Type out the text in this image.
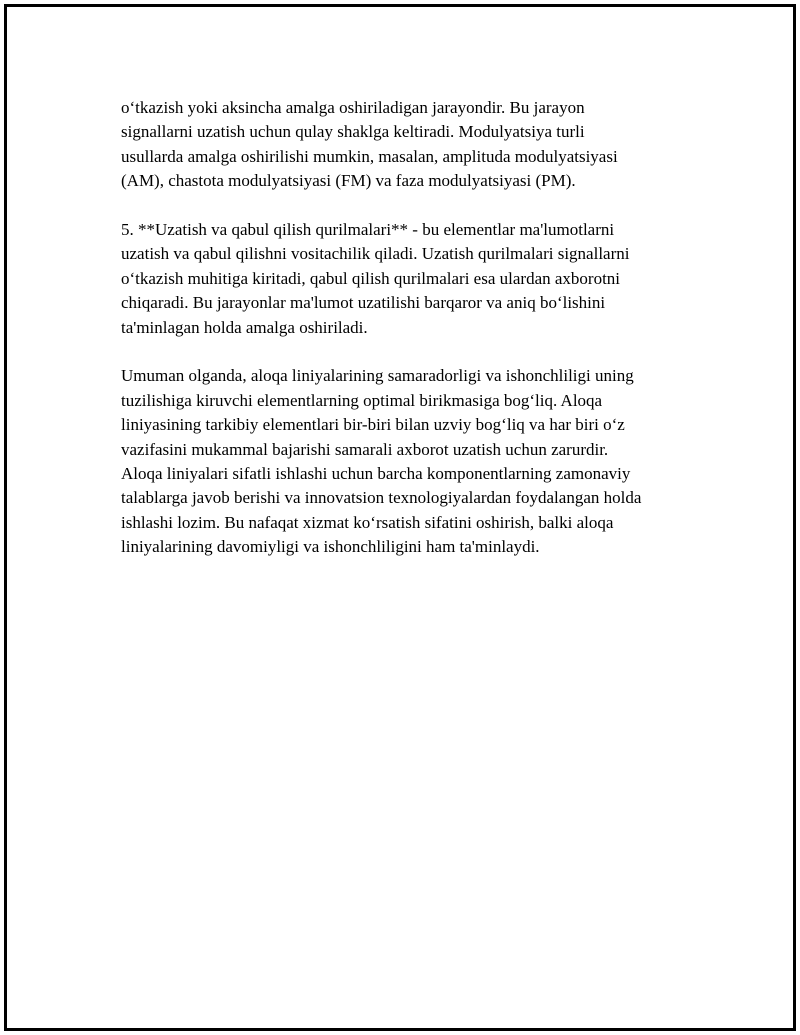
o‘tkazish yoki aksincha amalga oshiriladigan jarayondir. Bu jarayon
signallarni uzatish uchun qulay shaklga keltiradi. Modulyatsiya turli
usullarda amalga oshirilishi mumkin, masalan, amplituda modulyatsiyasi
(AM), chastota modulyatsiyasi (FM) va faza modulyatsiyasi (PM).

5. **Uzatish va qabul qilish qurilmalari** - bu elementlar ma'lumotlarni
uzatish va qabul qilishni vositachilik qiladi. Uzatish qurilmalari signallarni
o‘tkazish muhitiga kiritadi, qabul qilish qurilmalari esa ulardan axborotni
chiqaradi. Bu jarayonlar ma'lumot uzatilishi barqaror va aniq bo‘lishini
ta'minlagan holda amalga oshiriladi.

Umuman olganda, aloqa liniyalarining samaradorligi va ishonchliligi uning
tuzilishiga kiruvchi elementlarning optimal birikmasiga bog‘liq. Aloqa
liniyasining tarkibiy elementlari bir-biri bilan uzviy bog‘liq va har biri o‘z
vazifasini mukammal bajarishi samarali axborot uzatish uchun zarurdir.
Aloqa liniyalari sifatli ishlashi uchun barcha komponentlarning zamonaviy
talablarga javob berishi va innovatsion texnologiyalardan foydalangan holda
ishlashi lozim. Bu nafaqat xizmat ko‘rsatish sifatini oshirish, balki aloqa
liniyalarining davomiyligi va ishonchliligini ham ta'minlaydi.
